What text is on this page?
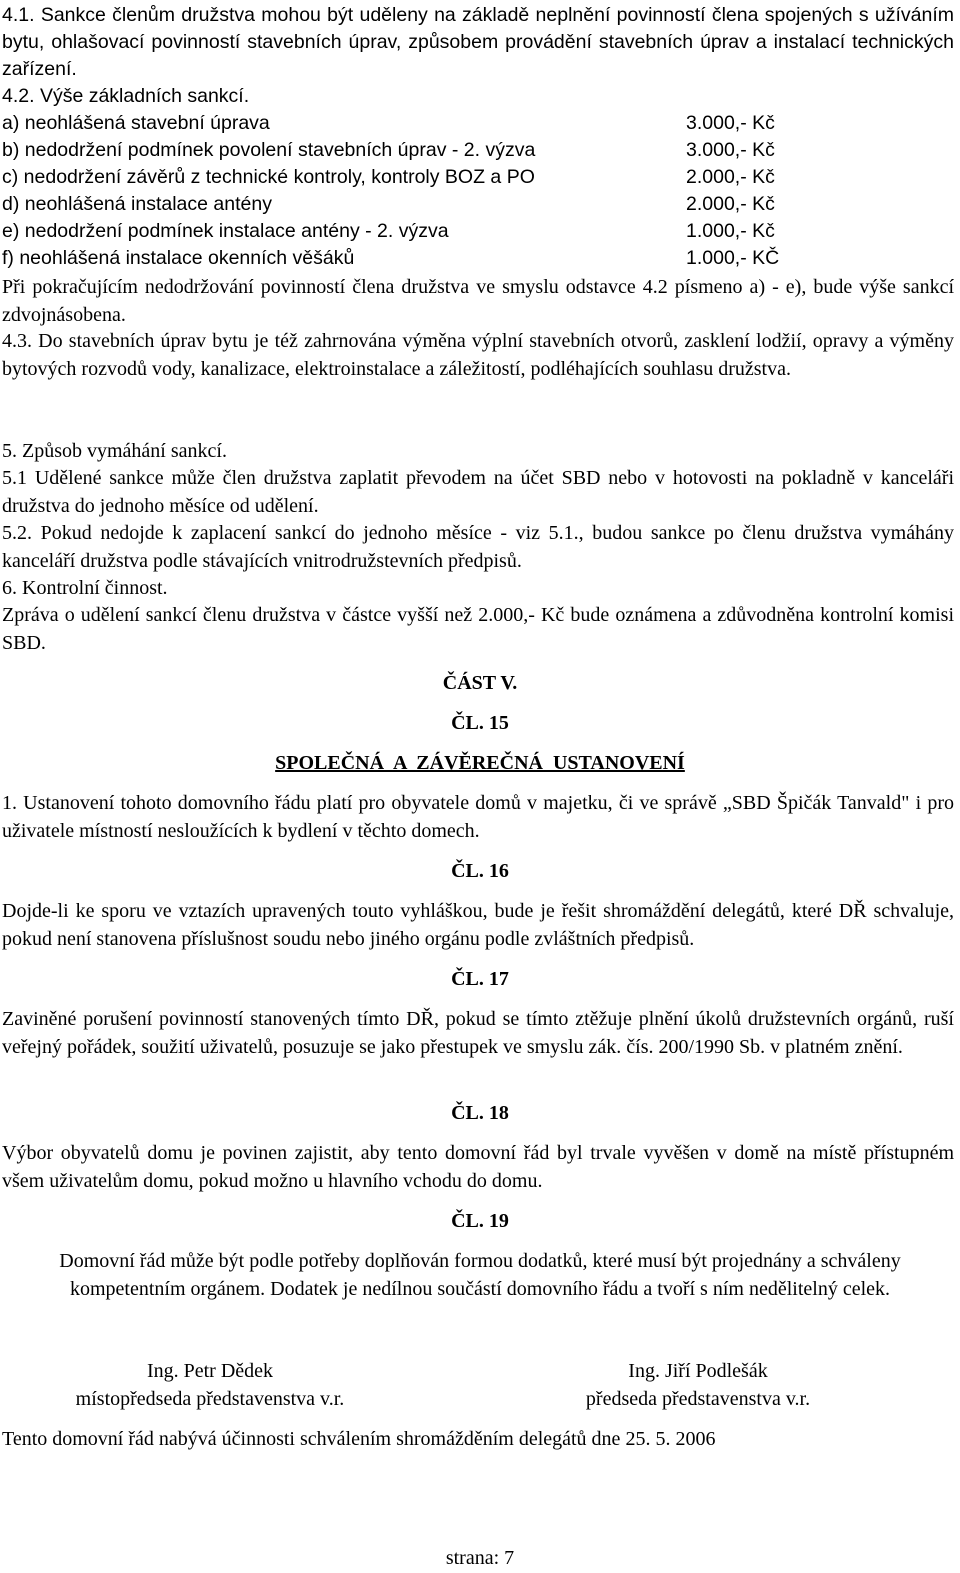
4.1. Sankce členům družstva mohou být uděleny na základě neplnění povinností člena spojených s užíváním bytu, ohlašovací povinností stavebních úprav, způsobem provádění stavebních úprav a instalací technických zařízení.

4.2. Výše základních sankcí.

a) neohlášená stavební úprava	3.000,- Kč
b) nedodržení podmínek povolení stavebních úprav - 2. výzva	3.000,- Kč
c) nedodržení závěrů z technické kontroly, kontroly BOZ a PO	2.000,- Kč
d) neohlášená instalace antény	2.000,- Kč
e) nedodržení podmínek instalace antény - 2. výzva	1.000,- Kč
f) neohlášená instalace okenních věšáků	1.000,- KČ

Při pokračujícím nedodržování povinností člena družstva ve smyslu odstavce 4.2 písmeno a) - e), bude výše sankcí zdvojnásobena.

4.3. Do stavebních úprav bytu je též zahrnována výměna výplní stavebních otvorů, zasklení lodžií, opravy a výměny bytových rozvodů vody, kanalizace, elektroinstalace a záležitostí, podléhajících souhlasu družstva.

5. Způsob vymáhání sankcí.

5.1 Udělené sankce může člen družstva zaplatit převodem na účet SBD nebo v hotovosti na pokladně v kanceláři družstva do jednoho měsíce od udělení.

5.2. Pokud nedojde k zaplacení sankcí do jednoho měsíce - viz 5.1., budou sankce po členu družstva vymáhány kanceláří družstva podle stávajících vnitrodružstevních předpisů.

6. Kontrolní činnost.

Zpráva o udělení sankcí členu družstva v částce vyšší než 2.000,- Kč bude oznámena a zdůvodněna kontrolní komisi SBD.

ČÁST V.

ČL. 15

SPOLEČNÁ A ZÁVĚREČNÁ USTANOVENÍ

1. Ustanovení tohoto domovního řádu platí pro obyvatele domů v majetku, či ve správě „SBD Špičák Tanvald" i pro uživatele místností nesloužících k bydlení v těchto domech.

ČL. 16

Dojde-li ke sporu ve vztazích upravených touto vyhláškou, bude je řešit shromáždění delegátů, které DŘ schvaluje, pokud není stanovena příslušnost soudu nebo jiného orgánu podle zvláštních předpisů.

ČL. 17

Zaviněné porušení povinností stanovených tímto DŘ, pokud se tímto ztěžuje plnění úkolů družstevních orgánů, ruší veřejný pořádek, soužití uživatelů, posuzuje se jako přestupek ve smyslu zák. čís. 200/1990 Sb. v platném znění.

ČL. 18

Výbor obyvatelů domu je povinen zajistit, aby tento domovní řád byl trvale vyvěšen v domě na místě přístupném všem uživatelům domu, pokud možno u hlavního vchodu do domu.

ČL. 19

Domovní řád může být podle potřeby doplňován formou dodatků, které musí být projednány a schváleny kompetentním orgánem. Dodatek je nedílnou součástí domovního řádu a tvoří s ním nedělitelný celek.

Ing. Petr Dědek
místopředseda představenstva v.r.
Ing. Jiří Podlešák
předseda představenstva v.r.

Tento domovní řád nabývá účinnosti schválením shromážděním delegátů dne 25. 5. 2006

strana: 7
